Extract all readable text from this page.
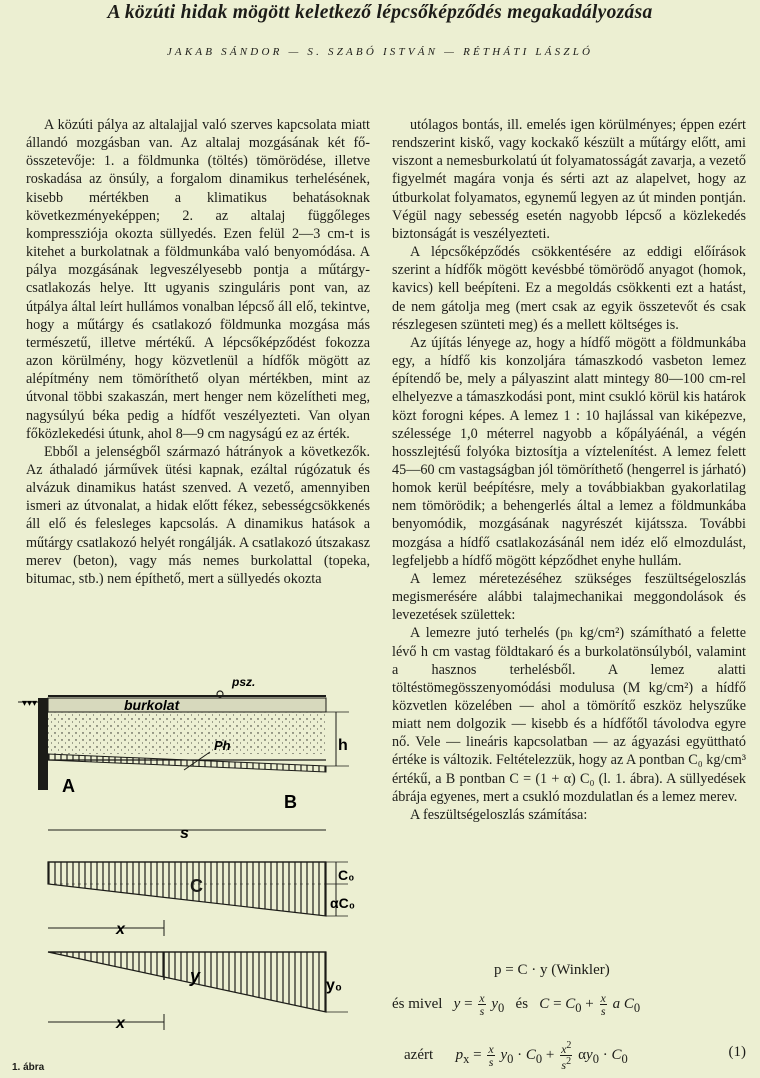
A közúti hidak mögött keletkező lépcsőképződés megakadályozása
JAKAB SÁNDOR — S. SZABÓ ISTVÁN — RÉTHÁTI LÁSZLÓ

A közúti pálya az altalajjal való szerves kapcsolata miatt állandó mozgásban van. Az altalaj mozgásának két fő-összetevője: 1. a földmunka (töltés) tömörödése, illetve roskadása az önsúly, a forgalom dinamikus terhelésének, kisebb mértékben a klimatikus behatásoknak következményeképpen; 2. az altalaj függőleges kompressziója okozta süllyedés. Ezen felül 2—3 cm-t is kitehet a burkolatnak a földmunkába való benyomódása. A pálya mozgásának legveszélyesebb pontja a műtárgy-csatlakozás helye. Itt ugyanis szinguláris pont van, az útpálya által leírt hullámos vonalban lépcső áll elő, tekintve, hogy a műtárgy és csatlakozó földmunka mozgása más természetű, illetve mértékű. A lépcsőképződést fokozza azon körülmény, hogy közvetlenül a hídfők mögött az alépítmény nem tömöríthető olyan mértékben, mint az útvonal többi szakaszán, mert henger nem közelítheti meg, nagysúlyú béka pedig a hídfőt veszélyezteti. Van olyan főközlekedési útunk, ahol 8—9 cm nagyságú ez az érték.

Ebből a jelenségből származó hátrányok a következők. Az áthaladó járművek ütési kapnak, ezáltal rúgózatuk és alvázuk dinamikus hatást szenved. A vezető, amennyiben ismeri az útvonalat, a hidak előtt fékez, sebességcsökkenés áll elő és felesleges kapcsolás. A dinamikus hatások a műtárgy csatlakozó helyét rongálják. A csatlakozó útszakasz merev (beton), vagy más nemes burkolattal (topeka, bitumac, stb.) nem építhető, mert a süllyedés okozta

▾▾▾
psz.
burkolat
Ph	h
A
B
s
C
C₀
αC₀
x
y	y₀
x
1. ábra

utólagos bontás, ill. emelés igen körülményes; éppen ezért rendszerint kiskő, vagy kockakő készült a műtárgy előtt, ami viszont a nemesburkolatú út folyamatosságát zavarja, a vezető figyelmét magára vonja és sérti azt az alapelvet, hogy az útburkolat folyamatos, egynemű legyen az út minden pontján. Végül nagy sebesség esetén nagyobb lépcső a közlekedés biztonságát is veszélyezteti.

A lépcsőképződés csökkentésére az eddigi előírások szerint a hídfők mögött kevésbbé tömörödő anyagot (homok, kavics) kell beépíteni. Ez a megoldás csökkenti ezt a hatást, de nem gátolja meg (mert csak az egyik összetevőt és csak részlegesen szünteti meg) és a mellett költséges is.

Az újítás lényege az, hogy a hídfő mögött a földmunkába egy, a hídfő kis konzoljára támaszkodó vasbeton lemez építendő be, mely a pályaszint alatt mintegy 80—100 cm-rel elhelyezve a támaszkodási pont, mint csukló körül kis határok közt forogni képes. A lemez 1 : 10 hajlással van kiképezve, szélessége 1,0 méterrel nagyobb a kőpályáénál, a végén hosszlejtésű folyóka biztosítja a víztelenítést. A lemez felett 45—60 cm vastagságban jól tömöríthető (hengerrel is járható) homok kerül beépítésre, mely a továbbiakban gyakorlatilag nem tömörödik; a behengerlés által a lemez a földmunkába benyomódik, mozgásának nagyrészét kijátssza. További mozgása a hídfő csatlakozásánál nem idéz elő elmozdulást, legfeljebb a hídfő mögött képződhet enyhe hullám.

A lemez méretezéséhez szükséges feszültségeloszlás megismerésére alábbi talajmechanikai meggondolások és levezetések születtek:

A lemezre jutó terhelés (pₕ kg/cm²) számítható a felette lévő h cm vastag földtakaró és a burkolatönsúlyból, valamint a hasznos terhelésből. A lemez alatti töltéstömegösszenyomódási modulusa (M kg/cm²) a hídfő közvetlen közelében — ahol a tömörítő eszköz helyszűke miatt nem dolgozik — kisebb és a hídfőtől távolodva egyre nő. Vele — lineáris kapcsolatban — az ágyazási együttható értéke is változik. Feltételezzük, hogy az A pontban C₀ kg/cm³ értékű, a B pontban C = (1 + α) C₀ (l. 1. ábra). A süllyedések ábrája egyenes, mert a csukló mozdulatlan és a lemez merev.

A feszültségeloszlás számítása:

p = C · y (Winkler)
és mivel $y = \frac{x}{s} y_0$ és $C = C_0 + \frac{x}{s}$ a $C_0$
azért $p_x = \frac{x}{s} y_0 \cdot C_0 + \frac{x^2}{s^2} \alpha y_0 \cdot C_0$	(1)
